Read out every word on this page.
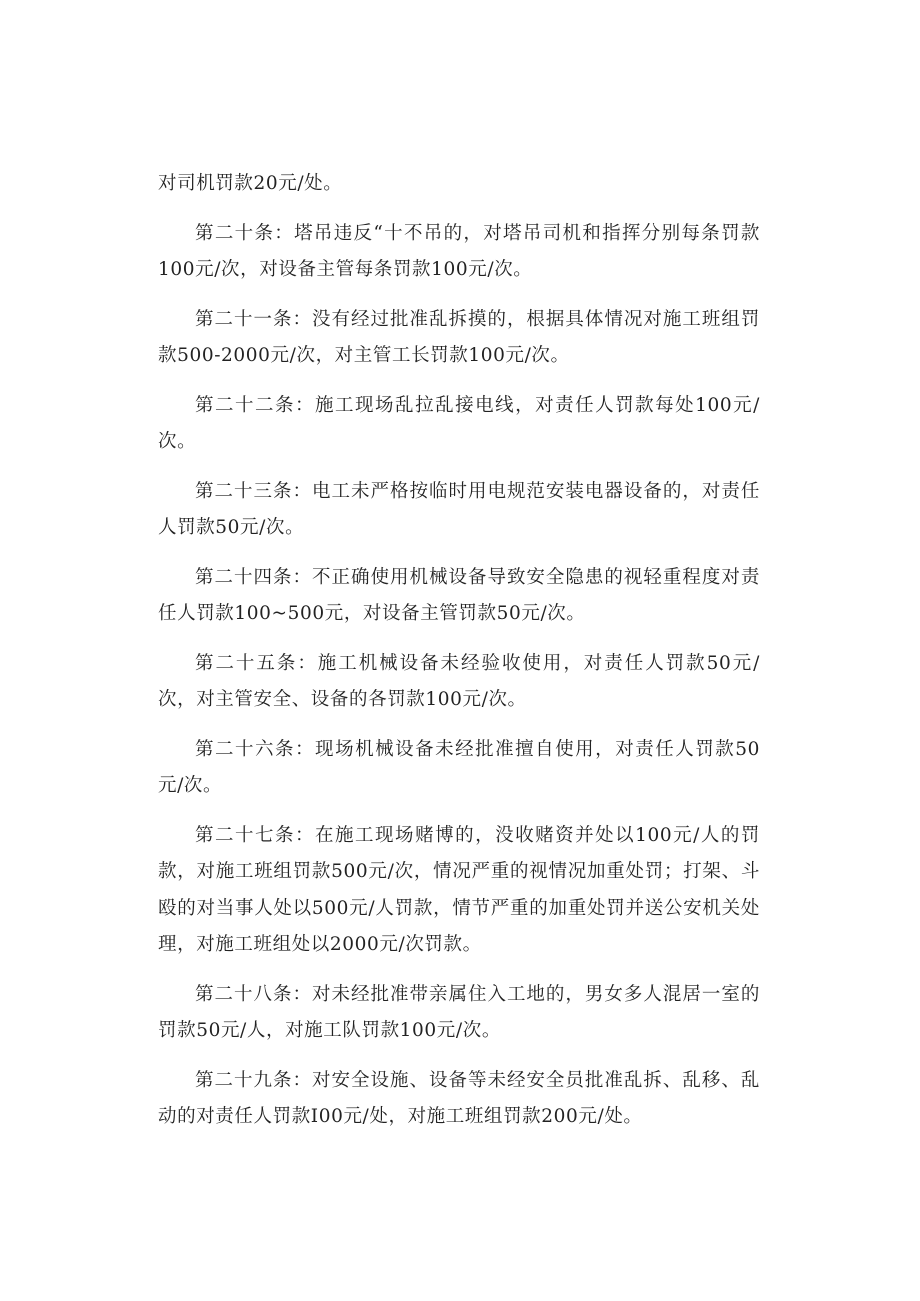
对司机罚款20元/处。

第二十条：塔吊违反“十不吊的，对塔吊司机和指挥分别每条罚款100元/次，对设备主管每条罚款100元/次。

第二十一条：没有经过批准乱拆摸的，根据具体情况对施工班组罚款500-2000元/次，对主管工长罚款100元/次。

第二十二条：施工现场乱拉乱接电线，对责任人罚款每处100元/次。

第二十三条：电工未严格按临时用电规范安装电器设备的，对责任人罚款50元/次。

第二十四条：不正确使用机械设备导致安全隐患的视轻重程度对责任人罚款100~500元，对设备主管罚款50元/次。

第二十五条：施工机械设备未经验收使用，对责任人罚款50元/次，对主管安全、设备的各罚款100元/次。

第二十六条：现场机械设备未经批准擅自使用，对责任人罚款50元/次。

第二十七条：在施工现场赌博的，没收赌资并处以100元/人的罚款，对施工班组罚款500元/次，情况严重的视情况加重处罚；打架、斗殴的对当事人处以500元/人罚款，情节严重的加重处罚并送公安机关处理，对施工班组处以2000元/次罚款。

第二十八条：对未经批准带亲属住入工地的，男女多人混居一室的罚款50元/人，对施工队罚款100元/次。

第二十九条：对安全设施、设备等未经安全员批准乱拆、乱移、乱动的对责任人罚款I00元/处，对施工班组罚款200元/处。
